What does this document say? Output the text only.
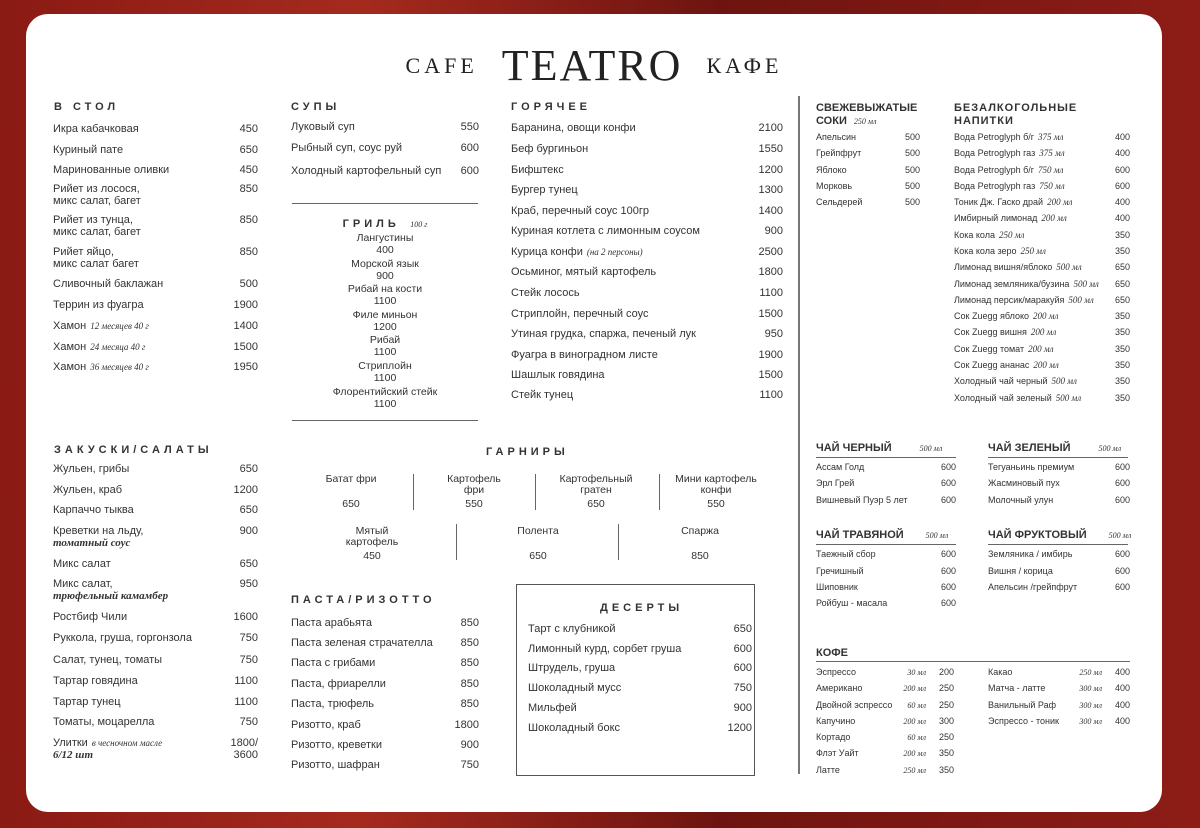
CAFE TEATRO КАФЕ
В СТОЛ
ЗАКУСКИ/САЛАТЫ
СУПЫ	ГОРЯЧЕЕ
ПАСТА/РИЗОТТО
ГРИЛЬ 100 г
ГАРНИРЫ
ДЕСЕРТЫ
СВЕЖЕВЫЖАТЫЕ
СОКИ 250 мл
БЕЗАЛКОГОЛЬНЫЕ
НАПИТКИ
ЧАЙ ЧЕРНЫЙ	500 мл	ЧАЙ ЗЕЛЕНЫЙ	500 мл
ЧАЙ ТРАВЯНОЙ	500 мл	ЧАЙ ФРУКТОВЫЙ	500 мл
КОФЕ
Икра кабачковая	450
Куриный пате	650
Маринованные оливки	450
Рийет из лосося,
микс салат, багет
850
Рийет из тунца,
микс салат, багет
850
Рийет яйцо,
микс салат багет
850
Сливочный баклажан	500
Террин из фуагра	1900
Хамон 12 месяцев 40 г	1400
Хамон 24 месяца 40 г	1500
Хамон 36 месяцев 40 г	1950
Жульен, грибы	650
Жульен, краб	1200
Карпаччо тыква	650
Креветки на льду,
томатный соус
900
Микс салат	650
Микс салат,
трюфельный камамбер
950
Ростбиф Чили	1600
Руккола, груша, горгонзола	750
Салат, тунец, томаты	750
Тартар говядина	1100
Тартар тунец	1100
Томаты, моцарелла	750
Улитки в чесночном масле
6/12 шт
1800/
3600
Луковый суп	550
Рыбный суп, соус руй	600
Холодный картофельный суп 600
Баранина, овощи конфи	2100
Беф бургиньон	1550
Бифштекс	1200
Бургер тунец	1300
Краб, перечный соус 100гр	1400
Куриная котлета с лимонным соусом	900
Курица конфи (на 2 персоны)	2500
Осьминог, мятый картофель	1800
Стейк лосось	1100
Стриплойн, перечный соус	1500
Утиная грудка, спаржа, печеный лук	950
Фуагра в виноградном листе	1900
Шашлык говядина	1500
Стейк тунец	1100
Паста арабьята	850
Паста зеленая страчателла	850
Паста с грибами	850
Паста, фриарелли	850
Паста, трюфель	850
Ризотто, краб	1800
Ризотто, креветки	900
Ризотто, шафран	750
Тарт с клубникой	650
Лимонный курд, сорбет груша	600
Штрудель, груша	600
Шоколадный мусс	750
Мильфей	900
Шоколадный бокс	1200
Апельсин	500
Грейпфрут	500
Яблоко	500
Морковь	500
Сельдерей	500
Вода Petroglyph б/г 375 мл	400
Вода Petroglyph газ 375 мл	400
Вода Petroglyph б/г 750 мл	600
Вода Petroglyph газ 750 мл	600
Тоник Дж. Гаско драй 200 мл	400
Имбирный лимонад 200 мл	400
Кока кола 250 мл	350
Кока кола зеро 250 мл	350
Лимонад вишня/яблоко 500 мл	650
Лимонад земляника/бузина 500 мл 650
Лимонад персик/маракуйя 500 мл 650
Сок Zuegg яблоко 200 мл	350
Сок Zuegg вишня 200 мл	350
Сок Zuegg томат 200 мл	350
Сок Zuegg ананас 200 мл	350
Холодный чай черный 500 мл	350
Холодный чай зеленый 500 мл	350
Ассам Голд	600
Эрл Грей	600
Вишневый Пуэр 5 лет	600
Тегуаньинь премиум	600
Жасминовый пух	600
Молочный улун	600
Таежный сбор	600
Гречишный	600
Шиповник	600
Ройбуш - масала	600
Земляника / имбирь	600
Вишня / корица	600
Апельсин /грейпфрут	600
Эспрессо	30 мл 200
Американо	200 мл 250
Двойной эспрессо 60 мл 250
Капучино	200 мл 300
Кортадо	60 мл 250
Флэт Уайт	200 мл 350
Латте	250 мл 350
Какао	250 мл 400
Матча - латте	300 мл 400
Ванильный Раф	300 мл 400
Эспрессо - тоник	300 мл 400
Лангустины
400
Морской язык
900
Рибай на кости
1100
Филе миньон
1200
Рибай
1100
Стриплойн
1100
Флорентийский стейк
1100
Батат фри
650
Картофель
фри
550
Картофельный
гратен
650
Мини картофель
конфи
550
Мятый
картофель
450
Полента
650
Спаржа
850
